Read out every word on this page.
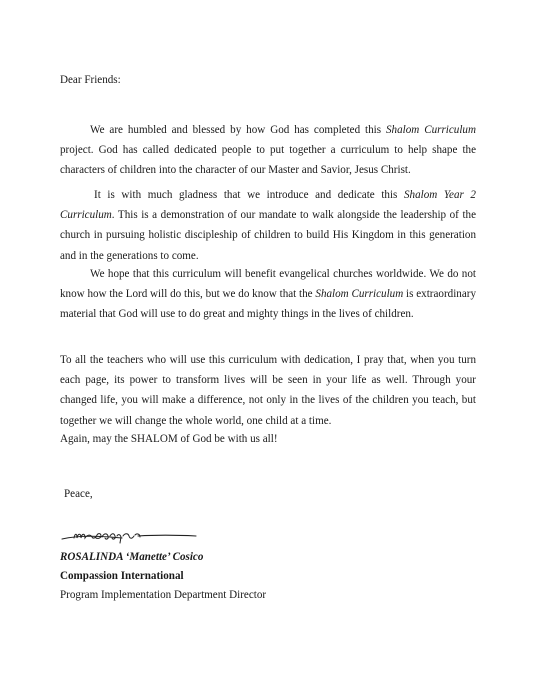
Dear Friends:

We are humbled and blessed by how God has completed this Shalom Curriculum project. God has called dedicated people to put together a curriculum to help shape the characters of children into the character of our Master and Savior, Jesus Christ.

It is with much gladness that we introduce and dedicate this Shalom Year 2 Curriculum. This is a demonstration of our mandate to walk alongside the leadership of the church in pursuing holistic discipleship of children to build His Kingdom in this generation and in the generations to come.

We hope that this curriculum will benefit evangelical churches worldwide. We do not know how the Lord will do this, but we do know that the Shalom Curriculum is extraordinary material that God will use to do great and mighty things in the lives of children.

To all the teachers who will use this curriculum with dedication, I pray that, when you turn each page, its power to transform lives will be seen in your life as well. Through your changed life, you will make a difference, not only in the lives of the children you teach, but together we will change the whole world, one child at a time.

Again, may the SHALOM of God be with us all!

Peace,

ROSALINDA ‘Manette’ Cosico
Compassion International
Program Implementation Department Director
